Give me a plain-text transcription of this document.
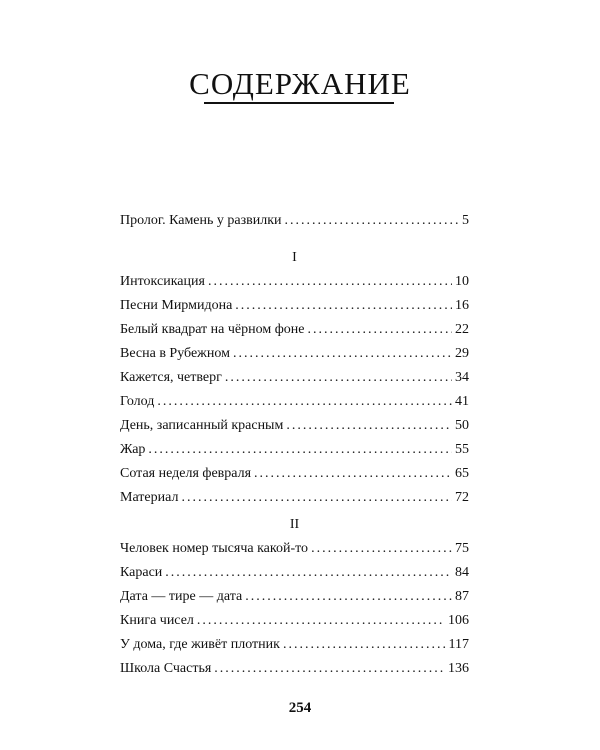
СОДЕРЖАНИЕ
Пролог. Камень у развилки .....	5
I
Интоксикация .....	10
Песни Мирмидона .....	16
Белый квадрат на чёрном фоне .....	22
Весна в Рубежном .....	29
Кажется, четверг .....	34
Голод .....	41
День, записанный красным .....	50
Жар .....	55
Сотая неделя февраля .....	65
Материал .....	72
II
Человек номер тысяча какой-то .....	75
Караси .....	84
Дата — тире — дата .....	87
Книга чисел .....	106
У дома, где живёт плотник .....	117
Школа Счастья .....	136
254
